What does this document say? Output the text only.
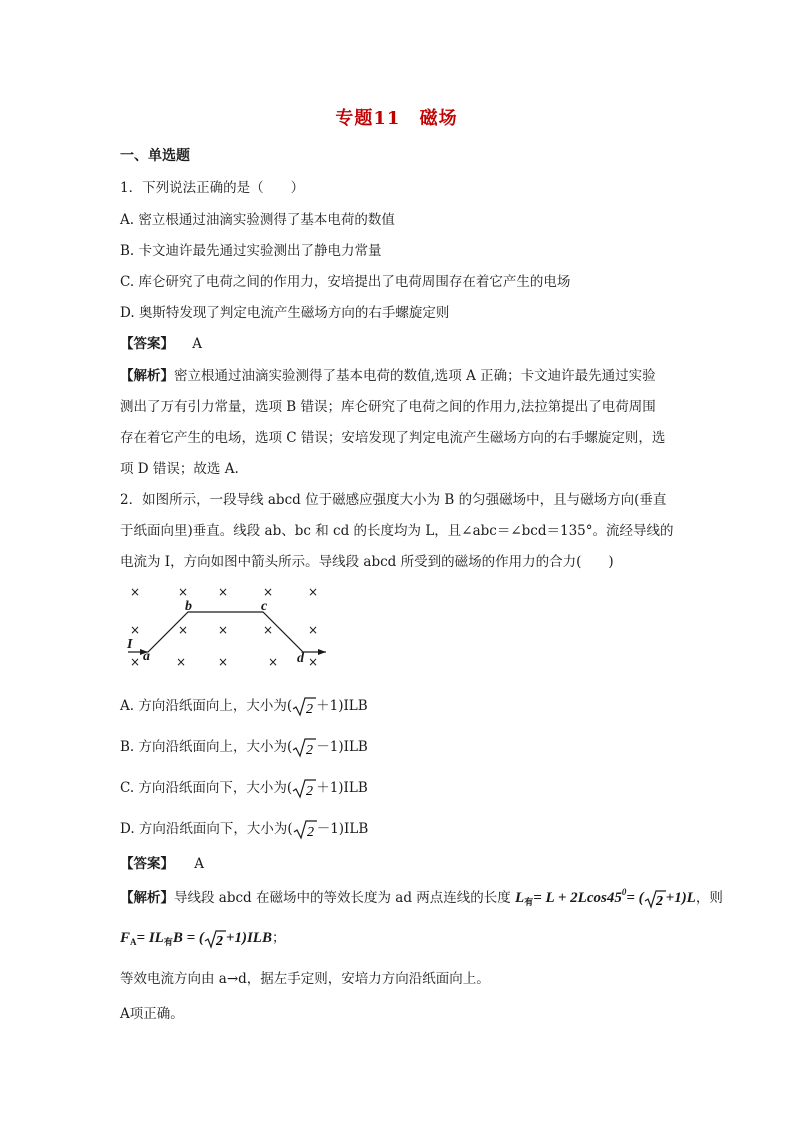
专题11 磁场
一、单选题
1．下列说法正确的是（　　）
A. 密立根通过油滴实验测得了基本电荷的数值
B. 卡文迪许最先通过实验测出了静电力常量
C. 库仑研究了电荷之间的作用力，安培提出了电荷周围存在着它产生的电场
D. 奥斯特发现了判定电流产生磁场方向的右手螺旋定则
【答案】 A
【解析】密立根通过油滴实验测得了基本电荷的数值,选项 A 正确；卡文迪许最先通过实验
测出了万有引力常量，选项 B 错误；库仑研究了电荷之间的作用力,法拉第提出了电荷周围
存在着它产生的电场，选项 C 错误；安培发现了判定电流产生磁场方向的右手螺旋定则，选
项 D 错误；故选 A.
2．如图所示，一段导线 abcd 位于磁感应强度大小为 B 的匀强磁场中，且与磁场方向(垂直
于纸面向里)垂直。线段 ab、bc 和 cd 的长度均为 L，且∠abc＝∠bcd＝135°。流经导线的
电流为 I，方向如图中箭头所示。导线段 abcd 所受到的磁场的作用力的合力(　　)
×	× ×	×	×
×	× ×	×	×
×	×	×	× ×
b	c
I
a	d
A. 方向沿纸面向上，大小为( 2 ＋1)ILB
B. 方向沿纸面向上，大小为( 2 －1)ILB
C. 方向沿纸面向下，大小为( 2 ＋1)ILB
D. 方向沿纸面向下，大小为( 2 －1)ILB
【答案】 A
【解析】导线段 abcd 在磁场中的等效长度为 ad 两点连线的长度 $L_有= L + 2Lcos45^0=$ ( 2 +1)L，则
$F_A= IL_有B$ = ( 2 +1)ILB；
等效电流方向由 a→d，据左手定则，安培力方向沿纸面向上。
A项正确。
